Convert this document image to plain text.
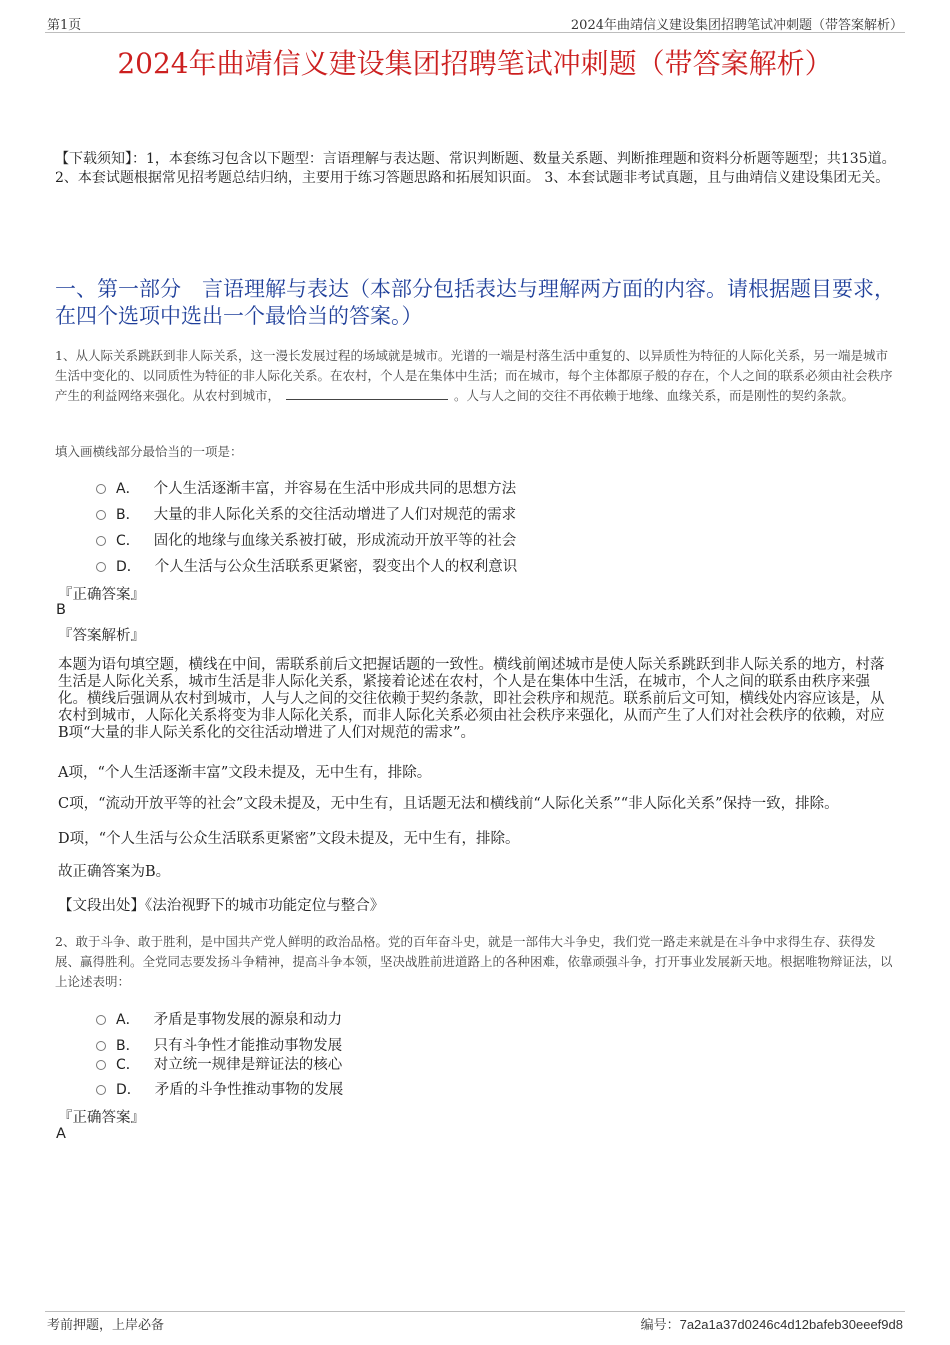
第1页	2024年曲靖信义建设集团招聘笔试冲刺题（带答案解析）
2024年曲靖信义建设集团招聘笔试冲刺题（带答案解析）
【下载须知】：1，本套练习包含以下题型：言语理解与表达题、常识判断题、数量关系题、判断推理题和资料分析题等题型；共135道。 2、本套试题根据常见招考题总结归纳，主要用于练习答题思路和拓展知识面。 3、本套试题非考试真题，且与曲靖信义建设集团无关。
一、第一部分　言语理解与表达（本部分包括表达与理解两方面的内容。请根据题目要求，在四个选项中选出一个最恰当的答案。）
1、从人际关系跳跃到非人际关系，这一漫长发展过程的场域就是城市。光谱的一端是村落生活中重复的、以异质性为特征的人际化关系，另一端是城市生活中变化的、以同质性为特征的非人际化关系。在农村，个人是在集体中生活；而在城市，每个主体都原子般的存在，个人之间的联系必须由社会秩序产生的利益网络来强化。从农村到城市，	。人与人之间的交往不再依赖于地缘、血缘关系，而是刚性的契约条款。
填入画横线部分最恰当的一项是：
A． 个人生活逐渐丰富，并容易在生活中形成共同的思想方法
B． 大量的非人际化关系的交往活动增进了人们对规范的需求
C． 固化的地缘与血缘关系被打破，形成流动开放平等的社会
D． 个人生活与公众生活联系更紧密，裂变出个人的权利意识
『正确答案』
B
『答案解析』
本题为语句填空题，横线在中间，需联系前后文把握话题的一致性。横线前阐述城市是使人际关系跳跃到非人际关系的地方，村落生活是人际化关系，城市生活是非人际化关系，紧接着论述在农村，个人是在集体中生活，在城市，个人之间的联系由秩序来强化。横线后强调从农村到城市，人与人之间的交往依赖于契约条款，即社会秩序和规范。联系前后文可知，横线处内容应该是，从农村到城市，人际化关系将变为非人际化关系，而非人际化关系必须由社会秩序来强化，从而产生了人们对社会秩序的依赖，对应B项“大量的非人际关系化的交往活动增进了人们对规范的需求”。
A项，“个人生活逐渐丰富”文段未提及，无中生有，排除。
C项，“流动开放平等的社会”文段未提及，无中生有，且话题无法和横线前“人际化关系”“非人际化关系”保持一致，排除。
D项，“个人生活与公众生活联系更紧密”文段未提及，无中生有，排除。
故正确答案为B。
【文段出处】《法治视野下的城市功能定位与整合》
2、敢于斗争、敢于胜利，是中国共产党人鲜明的政治品格。党的百年奋斗史，就是一部伟大斗争史，我们党一路走来就是在斗争中求得生存、获得发展、赢得胜利。全党同志要发扬斗争精神，提高斗争本领，坚决战胜前进道路上的各种困难，依靠顽强斗争，打开事业发展新天地。根据唯物辩证法，以上论述表明：
A． 矛盾是事物发展的源泉和动力
B． 只有斗争性才能推动事物发展
C． 对立统一规律是辩证法的核心
D． 矛盾的斗争性推动事物的发展
『正确答案』
A
考前押题，上岸必备	编号：7a2a1a37d0246c4d12bafeb30eeef9d8
